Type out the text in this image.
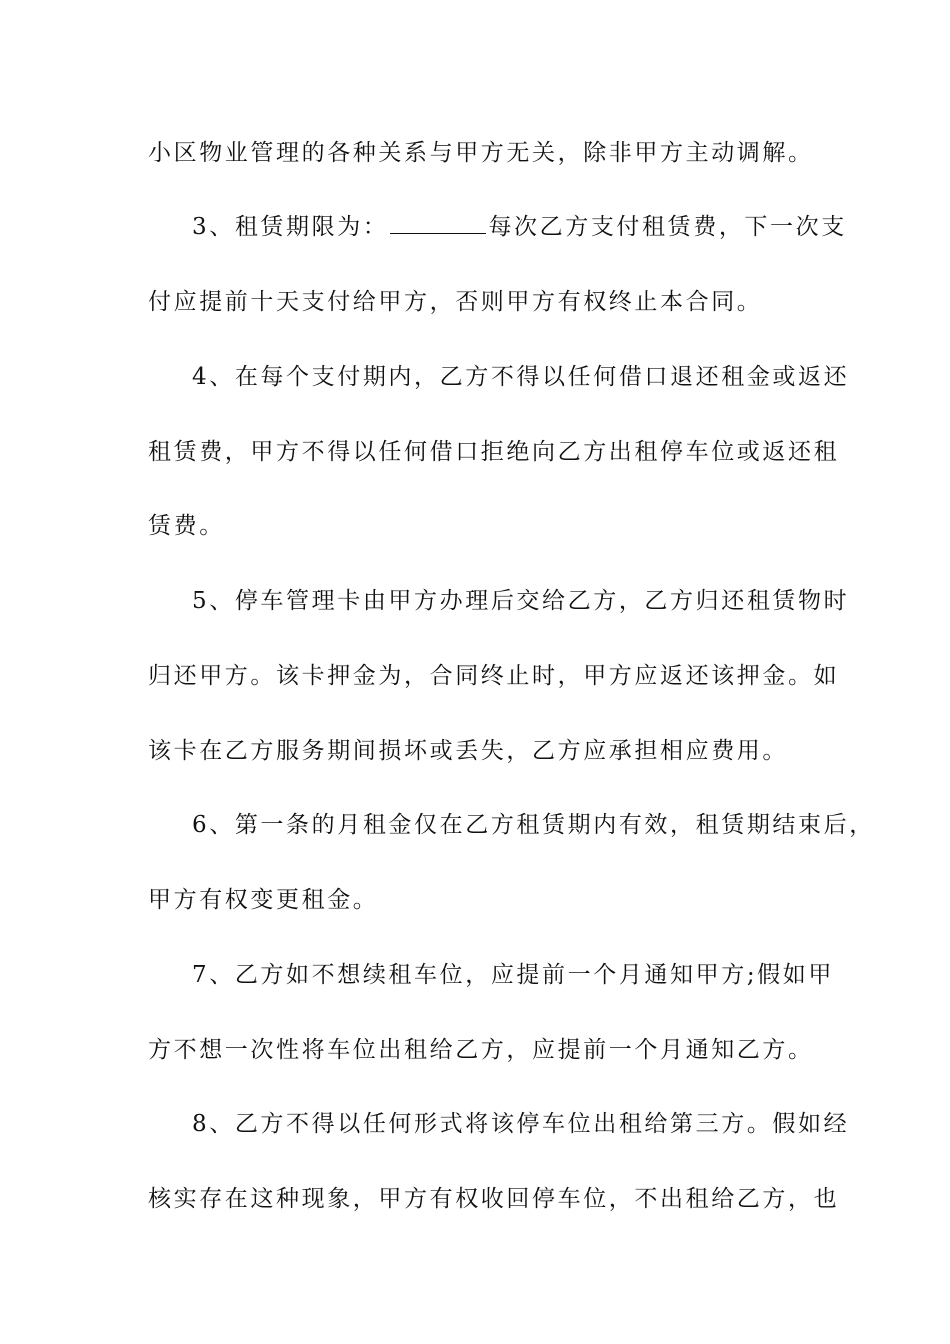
小区物业管理的各种关系与甲方无关，除非甲方主动调解。
3、租赁期限为：	每次乙方支付租赁费，下一次支
付应提前十天支付给甲方，否则甲方有权终止本合同。
4、在每个支付期内，乙方不得以任何借口退还租金或返还
租赁费，甲方不得以任何借口拒绝向乙方出租停车位或返还租
赁费。
5、停车管理卡由甲方办理后交给乙方，乙方归还租赁物时
归还甲方。该卡押金为，合同终止时，甲方应返还该押金。如
该卡在乙方服务期间损坏或丢失，乙方应承担相应费用。
6、第一条的月租金仅在乙方租赁期内有效，租赁期结束后，
甲方有权变更租金。
7、乙方如不想续租车位，应提前一个月通知甲方;假如甲
方不想一次性将车位出租给乙方，应提前一个月通知乙方。
8、乙方不得以任何形式将该停车位出租给第三方。假如经
核实存在这种现象，甲方有权收回停车位，不出租给乙方，也
